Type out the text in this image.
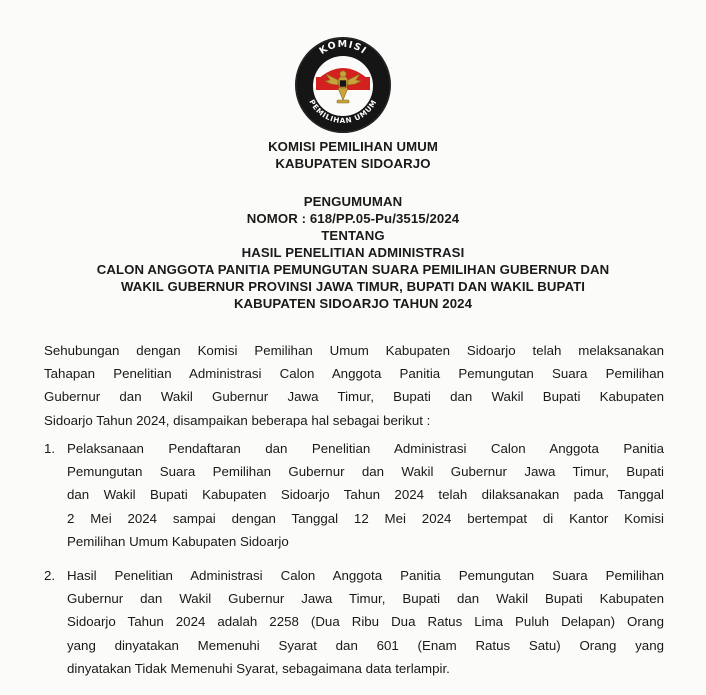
KOMISI
PEMILIHAN UMUM
KOMISI PEMILIHAN UMUM
KABUPATEN SIDOARJO
PENGUMUMAN
NOMOR : 618/PP.05-Pu/3515/2024
TENTANG
HASIL PENELITIAN ADMINISTRASI
CALON ANGGOTA PANITIA PEMUNGUTAN SUARA PEMILIHAN GUBERNUR DAN
WAKIL GUBERNUR PROVINSI JAWA TIMUR, BUPATI DAN WAKIL BUPATI
KABUPATEN SIDOARJO TAHUN 2024
Sehubungan dengan Komisi Pemilihan Umum Kabupaten Sidoarjo telah melaksanakan
Tahapan Penelitian Administrasi Calon Anggota Panitia Pemungutan Suara Pemilihan
Gubernur dan Wakil Gubernur Jawa Timur, Bupati dan Wakil Bupati Kabupaten
Sidoarjo Tahun 2024, disampaikan beberapa hal sebagai berikut :
1. Pelaksanaan Pendaftaran dan Penelitian Administrasi Calon Anggota Panitia
Pemungutan Suara Pemilihan Gubernur dan Wakil Gubernur Jawa Timur, Bupati
dan Wakil Bupati Kabupaten Sidoarjo Tahun 2024 telah dilaksanakan pada Tanggal
2 Mei 2024 sampai dengan Tanggal 12 Mei 2024 bertempat di Kantor Komisi
Pemilihan Umum Kabupaten Sidoarjo
2. Hasil Penelitian Administrasi Calon Anggota Panitia Pemungutan Suara Pemilihan
Gubernur dan Wakil Gubernur Jawa Timur, Bupati dan Wakil Bupati Kabupaten
Sidoarjo Tahun 2024 adalah 2258 (Dua Ribu Dua Ratus Lima Puluh Delapan) Orang
yang dinyatakan Memenuhi Syarat dan 601 (Enam Ratus Satu) Orang yang
dinyatakan Tidak Memenuhi Syarat, sebagaimana data terlampir.
